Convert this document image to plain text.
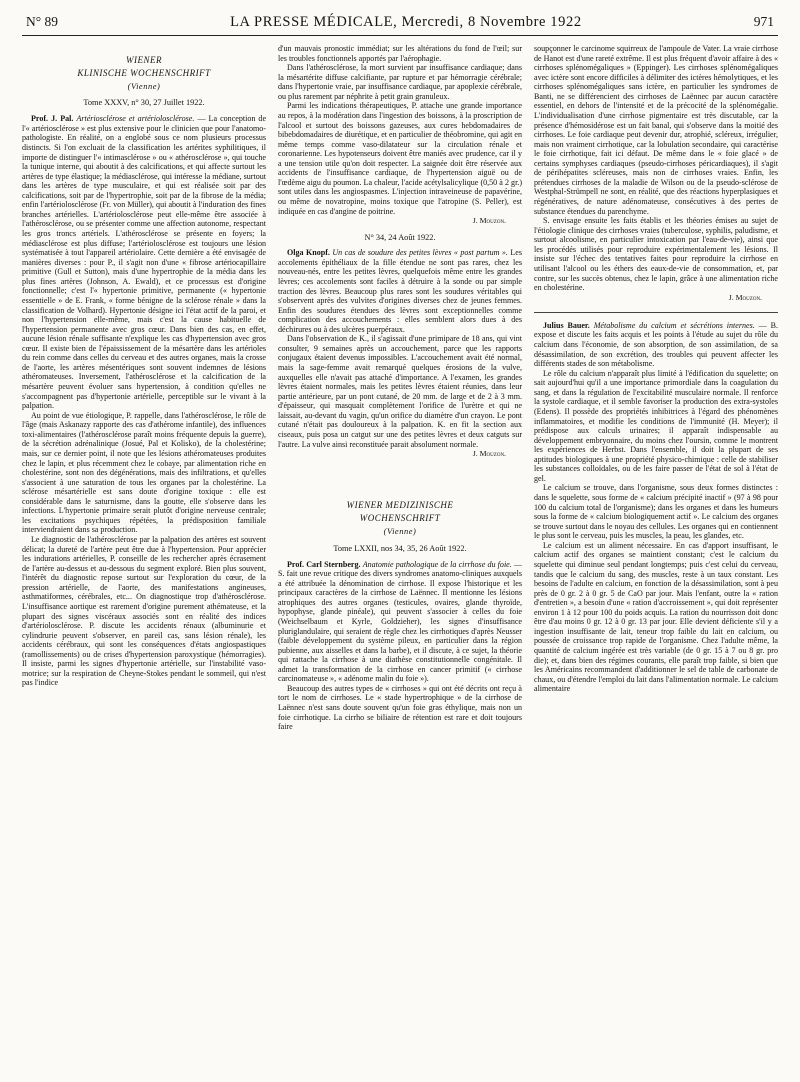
N° 89	LA PRESSE MÉDICALE, Mercredi, 8 Novembre 1922	971
WIENER
KLINISCHE WOCHENSCHRIFT

(Vienne)
Tome XXXV, n° 30, 27 Juillet 1922.

Prof. J. Pal. Artériosclérose et artériolosclérose. — La conception de l'« artériosclérose » est plus extensive pour le clinicien que pour l'anatomo-pathologiste. En réalité, on a englobé sous ce nom plusieurs processus distincts. Si l'on excluait de la classification les artérites syphilitiques, il importe de distinguer l'« intimasclérose » ou « athérosclérose », qui touche la tunique interne, qui aboutit à des calcifications, et qui affecte surtout les artères de type élastique; la médiasclérose, qui intéresse la médiane, surtout dans les artères de type musculaire, et qui est réalisée soit par des calcifications, soit par de l'hypertrophie, soit par de la fibrose de la média; enfin l'artériolosclérose (Fr. von Müller), qui aboutit à l'induration des fines branches artérielles. L'artériolosclérose peut elle-même être associée à l'athérosclérose, ou se présenter comme une affection autonome, respectant les gros troncs artériels. L'athérosclérose se présente en foyers; la médiasclérose est plus diffuse; l'artériolosclérose est toujours une lésion systématisée à tout l'appareil artériolaire. Cette dernière a été envisagée de manières diverses : pour P., il s'agit non d'une « fibrose artériocapillaire primitive (Gull et Sutton), mais d'une hypertrophie de la média dans les plus fines artères (Johnson, A. Ewald), et ce processus est d'origine fonctionnelle; c'est l'« hypertonie primitive, permanente (« hypertonie essentielle » de E. Frank, « forme bénigne de la sclérose rénale » dans la classification de Volhard). Hypertonie désigne ici l'état actif de la paroi, et non l'hypertension elle-même, mais c'est la cause habituelle de l'hypertension permanente avec gros cœur. Dans bien des cas, en effet, aucune lésion rénale suffisante n'explique les cas d'hypertension avec gros cœur. Il existe bien de l'épaississement de la mésartère dans les artérioles du rein comme dans celles du cerveau et des autres organes, mais la crosse de l'aorte, les artères mésentériques sont souvent indemnes de lésions athéromateuses. Inversement, l'athérosclérose et la calcification de la mésartère peuvent évoluer sans hypertension, à condition qu'elles ne s'accompagnent pas d'hypertonie artérielle, perceptible sur le vivant à la palpation.

Au point de vue étiologique, P. rappelle, dans l'athérosclérose, le rôle de l'âge (mais Askanazy rapporte des cas d'athérome infantile), des influences toxi-alimentaires (l'athérosclérose paraît moins fréquente depuis la guerre), de la sécrétion adrénalinique (Josué, Pal et Kolisko), de la cholestérine; mais, sur ce dernier point, il note que les lésions athéromateuses produites chez le lapin, et plus récemment chez le cobaye, par alimentation riche en cholestérine, sont non des dégénérations, mais des infiltrations, et qu'elles s'associent à une saturation de tous les organes par la cholestérine. La sclérose mésartérielle est sans doute d'origine toxique : elle est considérable dans le saturnisme, dans la goutte, elle s'observe dans les infections. L'hypertonie primaire serait plutôt d'origine nerveuse centrale; les excitations psychiques répétées, la prédisposition familiale interviendraient dans sa production.

Le diagnostic de l'athérosclérose par la palpation des artères est souvent délicat; la dureté de l'artère peut être due à l'hypertension. Pour apprécier les indurations artérielles, P. conseille de les rechercher après écrasement de l'artère au-dessus et au-dessous du segment exploré. Bien plus souvent, l'intérêt du diagnostic repose surtout sur l'exploration du cœur, de la pression artérielle, de l'aorte, des manifestations angineuses, asthmatiformes, cérébrales, etc... On diagnostique trop d'athérosclérose. L'insuffisance aortique est rarement d'origine purement athémateuse, et la plupart des signes viscéraux associés sont en réalité des indices d'artériolosclérose. P. discute les accidents rénaux (albuminurie et cylindrurie peuvent s'observer, en pareil cas, sans lésion rénale), les accidents cérébraux, qui sont les conséquences d'états angiospastiques (ramollissements) ou de crises d'hypertension paroxystique (hémorragies). Il insiste, parmi les signes d'hypertonie artérielle, sur l'instabilité vaso-motrice; sur la respiration de Cheyne-Stokes pendant le sommeil, qui n'est pas l'indice

d'un mauvais pronostic immédiat; sur les altérations du fond de l'œil; sur les troubles fonctionnels apportés par l'aérophagie.

Dans l'athérosclérose, la mort survient par insuffisance cardiaque; dans la mésartérite diffuse calcifiante, par rupture et par hémorragie cérébrale; dans l'hypertonie vraie, par insuffisance cardiaque, par apoplexie cérébrale, ou plus rarement par néphrite à petit grain granuleux.

Parmi les indications thérapeutiques, P. attache une grande importance au repos, à la modération dans l'ingestion des boissons, à la proscription de l'alcool et surtout des boissons gazeuses, aux cures hebdomadaires de bibebdomadaires de diurétique, et en particulier de théobromine, qui agit en même temps comme vaso-dilatateur sur la circulation rénale et coronarienne. Les hypotenseurs doivent être maniés avec prudence, car il y a une tension utile qu'on doit respecter. La saignée doit être réservée aux accidents de l'insuffisance cardiaque, de l'hypertension aiguë ou de l'œdème aigu du poumon. La chaleur, l'acide acétylsalicylique (0,50 à 2 gr.) sont utiles dans les angiospasmes. L'injection intraveineuse de papavérine, ou même de novatropine, moins toxique que l'atropine (S. Peller), est indiquée en cas d'angine de poitrine.

J. Mouzon.
N° 34, 24 Août 1922.

Olga Knopf. Un cas de soudure des petites lèvres « post partum ». Les accolements épithéliaux de la fille étendue ne sont pas rares, chez les nouveau-nés, entre les petites lèvres, quelquefois même entre les grandes lèvres; ces accolements sont faciles à détruire à la sonde ou par simple traction des lèvres. Beaucoup plus rares sont les soudures véritables qui s'observent après des vulvites d'origines diverses chez de jeunes femmes. Enfin des soudures étendues des lèvres sont exceptionnelles comme complication des accouchements : elles semblent alors dues à des déchirures ou à des ulcères puerpéraux.

Dans l'observation de K., il s'agissait d'une primipare de 18 ans, qui vint consulter, 9 semaines après un accouchement, parce que les rapports conjugaux étaient devenus impossibles. L'accouchement avait été normal, mais la sage-femme avait remarqué quelques érosions de la vulve, auxquelles elle n'avait pas attaché d'importance. A l'examen, les grandes lèvres étaient normales, mais les petites lèvres étaient réunies, dans leur partie antérieure, par un pont cutané, de 20 mm. de large et de 2 à 3 mm. d'épaisseur, qui masquait complètement l'orifice de l'urètre et qui ne laissait, au-devant du vagin, qu'un orifice du diamètre d'un crayon. Le pont cutané n'était pas douloureux à la palpation. K. en fit la section aux ciseaux, puis posa un catgut sur une des petites lèvres et deux catguts sur l'autre. La vulve ainsi reconstituée parait absolument normale.

J. Mouzon.
WIENER MEDIZINISCHE
WOCHENSCHRIFT

(Vienne)
Tome LXXII, nos 34, 35, 26 Août 1922.

Prof. Carl Sternberg. Anatomie pathologique de la cirrhose du foie. — S. fait une revue critique des divers syndromes anatomo-cliniques auxquels a été attribuée la dénomination de cirrhose. Il expose l'historique et les principaux caractères de la cirrhose de Laënnec. Il mentionne les lésions atrophiques des autres organes (testicules, ovaires, glande thyroïde, hypophyse, glande pinéale), qui peuvent s'associer à celles du foie (Weichselbaum et Kyrle, Goldzieher), les signes d'insuffisance pluriglandulaire, qui seraient de règle chez les cirrhotiques d'après Neusser (faible développement du système pileux, en particulier dans la région pubienne, aux aisselles et dans la barbe), et il discute, à ce sujet, la théorie qui rattache la cirrhose à une diathèse constitutionnelle congénitale. Il admet la transformation de la cirrhose en cancer primitif (« cirrhose carcinomateuse », « adénome malin du foie »).

Beaucoup des autres types de « cirrhoses » qui ont été décrits ont reçu à tort le nom de cirrhoses. Le « stade hypertrophique » de la cirrhose de Laënnec n'est sans doute souvent qu'un foie gras éthylique, mais non un foie cirrhotique. La cirrho se biliaire de rétention est rare et doit toujours faire

soupçonner le carcinome squirreux de l'ampoule de Vater. La vraie cirrhose de Hanot est d'une rareté extrême. Il est plus fréquent d'avoir affaire à des « cirrhoses splénomégaliques » (Eppinger). Les cirrhoses splénomégaliques avec ictère sont encore difficiles à délimiter des ictères hémolytiques, et les cirrhoses splénomégaliques sans ictère, en particulier les syndromes de Banti, ne se différencient des cirrhoses de Laënnec par aucun caractère essentiel, en dehors de l'intensité et de la précocité de la splénomégalie. L'individualisation d'une cirrhose pigmentaire est très discutable, car la présence d'hémosidérose est un fait banal, qui s'observe dans la moitié des cirrhoses. Le foie cardiaque peut devenir dur, atrophié, scléreux, irrégulier, mais non vraiment cirrhotique, car la lobulation secondaire, qui caractérise le foie cirrhotique, fait ici défaut. De même dans le « foie glacé » de certains symphyses cardiaques (pseudo-cirrhoses péricardiaques), il s'agit de périhépatites scléreuses, mais non de cirrhoses vraies. Enfin, les prétendues cirrhoses de la maladie de Wilson ou de la pseudo-sclérose de Westphal-Strümpell ne sont, en réalité, que des réactions hyperplasiques et régénératives, de nature adénomateuse, consécutives à des pertes de substance étendues du parenchyme.

S. envisage ensuite les faits établis et les théories émises au sujet de l'étiologie clinique des cirrhoses vraies (tuberculose, syphilis, paludisme, et surtout alcoolisme, en particulier intoxication par l'eau-de-vie), ainsi que les procédés utilisés pour reproduire expérimentalement les lésions. Il insiste sur l'échec des tentatives faites pour reproduire la cirrhose en utilisant l'alcool ou les éthers des eaux-de-vie de consommation, et, par contre, sur les succès obtenus, chez le lapin, grâce à une alimentation riche en cholestérine.

J. Mouzon.

Julius Bauer. Métabolisme du calcium et sécrétions internes. — B. expose et discute les faits acquis et les points à l'étude au sujet du rôle du calcium dans l'économie, de son absorption, de son assimilation, de sa désassimilation, de son excrétion, des troubles qui peuvent affecter les différents stades de son métabolisme.

Le rôle du calcium n'apparaît plus limité à l'édification du squelette; on sait aujourd'hui qu'il a une importance primordiale dans la coagulation du sang, et dans la régulation de l'excitabilité musculaire normale. Il renforce la systole cardiaque, et il semble favoriser la production des extra-systoles (Edens). Il possède des propriétés inhibitrices à l'égard des phénomènes inflammatoires, et modifie les conditions de l'immunité (H. Meyer); il prédispose aux calculs urinaires; il apparaît indispensable au développement embryonnaire, du moins chez l'oursin, comme le montrent les expériences de Herbst. Dans l'ensemble, il doit la plupart de ses aptitudes biologiques à une propriété physico-chimique : celle de stabiliser les substances colloïdales, ou de les faire passer de l'état de sol à l'état de gel.

Le calcium se trouve, dans l'organisme, sous deux formes distinctes : dans le squelette, sous forme de « calcium précipité inactif » (97 à 98 pour 100 du calcium total de l'organisme); dans les organes et dans les humeurs sous la forme de « calcium biologiquement actif ». Le calcium des organes se trouve surtout dans le noyau des cellules. Les organes qui en contiennent le plus sont le cerveau, puis les muscles, la peau, les glandes, etc.

Le calcium est un aliment nécessaire. En cas d'apport insuffisant, le calcium actif des organes se maintient constant; c'est le calcium du squelette qui diminue seul pendant longtemps; puis c'est celui du cerveau, tandis que le calcium du sang, des muscles, reste à un taux constant. Les besoins de l'adulte en calcium, en fonction de la désassimilation, sont à peu près de 0 gr. 2 à 0 gr. 5 de CaO par jour. Mais l'enfant, outre la « ration d'entretien », a besoin d'une « ration d'accroissement », qui doit représenter environ 1 à 12 pour 100 du poids acquis. La ration du nourrisson doit donc être d'au moins 0 gr. 12 à 0 gr. 13 par jour. Elle devient déficiente s'il y a ingestion insuffisante de lait, teneur trop faible du lait en calcium, ou poussée de croissance trop rapide de l'organisme. Chez l'adulte même, la quantité de calcium ingérée est très variable (de 0 gr. 15 à 7 ou 8 gr. pro die); et, dans bien des régimes courants, elle paraît trop faible, si bien que les Américains recommandent d'additionner le sel de table de carbonate de chaux, ou d'étendre l'emploi du lait dans l'alimentation normale. Le calcium alimentaire
